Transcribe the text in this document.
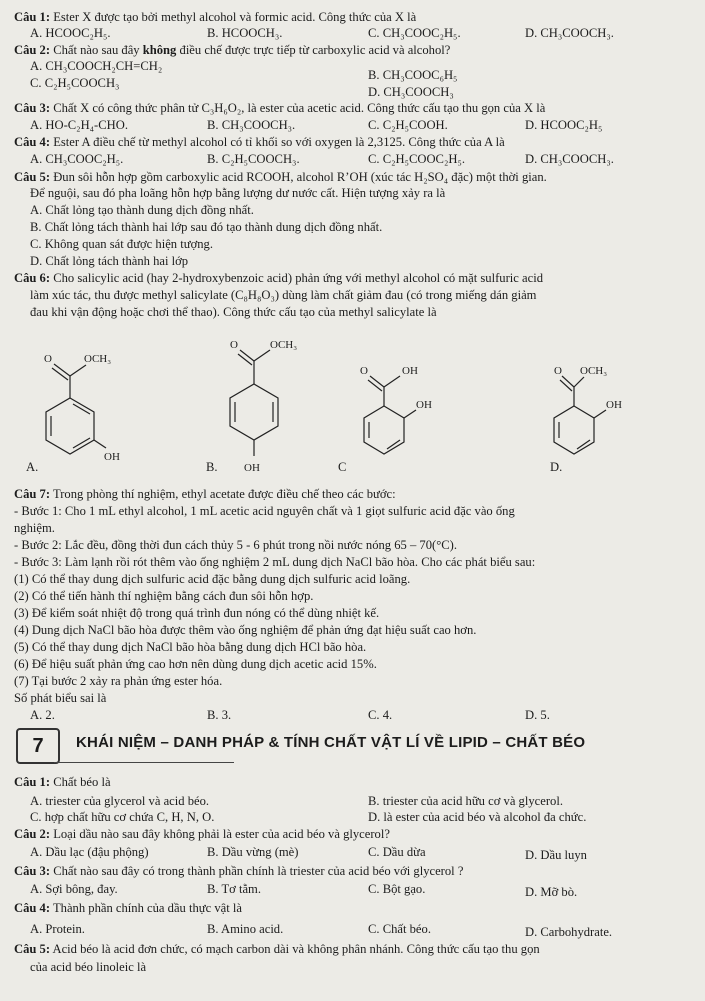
Câu 1: Ester X được tạo bởi methyl alcohol và formic acid. Công thức của X là
A. HCOOC₂H₅.	B. HCOOCH₃.	C. CH₃COOC₂H₅.	D. CH₃COOCH₃.
Câu 2: Chất nào sau đây không điều chế được trực tiếp từ carboxylic acid và alcohol?
A. CH₃COOCH₂CH=CH₂
B. CH₃COOC₆H₅
C. C₂H₅COOCH₃
D. CH₃COOCH₃
Câu 3: Chất X có công thức phân tử C₃H₆O₂, là ester của acetic acid. Công thức cấu tạo thu gọn của X là
A. HO-C₂H₄-CHO.	B. CH₃COOCH₃.	C. C₂H₅COOH.	D. HCOOC₂H₅
Câu 4: Ester A điều chế từ methyl alcohol có tỉ khối so với oxygen là 2,3125. Công thức của A là
A. CH₃COOC₂H₅.	B. C₂H₅COOCH₃.	C. C₂H₅COOC₂H₅.	D. CH₃COOCH₃.
Câu 5: Đun sôi hỗn hợp gồm carboxylic acid RCOOH, alcohol R’OH (xúc tác H₂SO₄ đặc) một thời gian.
Để nguội, sau đó pha loãng hỗn hợp bằng lượng dư nước cất. Hiện tượng xảy ra là
A. Chất lỏng tạo thành dung dịch đồng nhất.
B. Chất lỏng tách thành hai lớp sau đó tạo thành dung dịch đồng nhất.
C. Không quan sát được hiện tượng.
D. Chất lỏng tách thành hai lớp
Câu 6: Cho salicylic acid (hay 2-hydroxybenzoic acid) phản ứng với methyl alcohol có mặt sulfuric acid
làm xúc tác, thu được methyl salicylate (C₈H₈O₃) dùng làm chất giảm đau (có trong miếng dán giảm
đau khi vận động hoặc chơi thể thao). Công thức cấu tạo của methyl salicylate là
A.
O	OCH₃
OH
B.
O	OCH₃
OH	C
O	OH
OH
D.
O OCH₃
OH
Câu 7: Trong phòng thí nghiệm, ethyl acetate được điều chế theo các bước:
- Bước 1: Cho 1 mL ethyl alcohol, 1 mL acetic acid nguyên chất và 1 giọt sulfuric acid đặc vào ống
nghiệm.
- Bước 2: Lắc đều, đồng thời đun cách thủy 5 - 6 phút trong nồi nước nóng 65 – 70(°C).
- Bước 3: Làm lạnh rồi rót thêm vào ống nghiệm 2 mL dung dịch NaCl bão hòa. Cho các phát biểu sau:
(1) Có thể thay dung dịch sulfuric acid đặc bằng dung dịch sulfuric acid loãng.
(2) Có thể tiến hành thí nghiệm bằng cách đun sôi hỗn hợp.
(3) Để kiểm soát nhiệt độ trong quá trình đun nóng có thể dùng nhiệt kế.
(4) Dung dịch NaCl bão hòa được thêm vào ống nghiệm để phản ứng đạt hiệu suất cao hơn.
(5) Có thể thay dung dịch NaCl bão hòa bằng dung dịch HCl bão hòa.
(6) Để hiệu suất phản ứng cao hơn nên dùng dung dịch acetic acid 15%.
(7) Tại bước 2 xảy ra phản ứng ester hóa.
Số phát biểu sai là
A. 2.	B. 3.	C. 4.	D. 5.
7	KHÁI NIỆM – DANH PHÁP & TÍNH CHẤT VẬT LÍ VỀ LIPID – CHẤT BÉO
Câu 1: Chất béo là
A. triester của glycerol và acid béo.	B. triester của acid hữu cơ và glycerol.
C. hợp chất hữu cơ chứa C, H, N, O.	D. là ester của acid béo và alcohol đa chức.
Câu 2: Loại dầu nào sau đây không phải là ester của acid béo và glycerol?
A. Dầu lạc (đậu phộng)	B. Dầu vừng (mè)	C. Dầu dừa	D. Dầu luyn
Câu 3: Chất nào sau đây có trong thành phần chính là triester của acid béo với glycerol ?
A. Sợi bông, đay.	B. Tơ tằm.	C. Bột gạo.	D. Mỡ bò.
Câu 4: Thành phần chính của dầu thực vật là
A. Protein.	B. Amino acid.	C. Chất béo.	D. Carbohydrate.
Câu 5: Acid béo là acid đơn chức, có mạch carbon dài và không phân nhánh. Công thức cấu tạo thu gọn
của acid béo linoleic là
